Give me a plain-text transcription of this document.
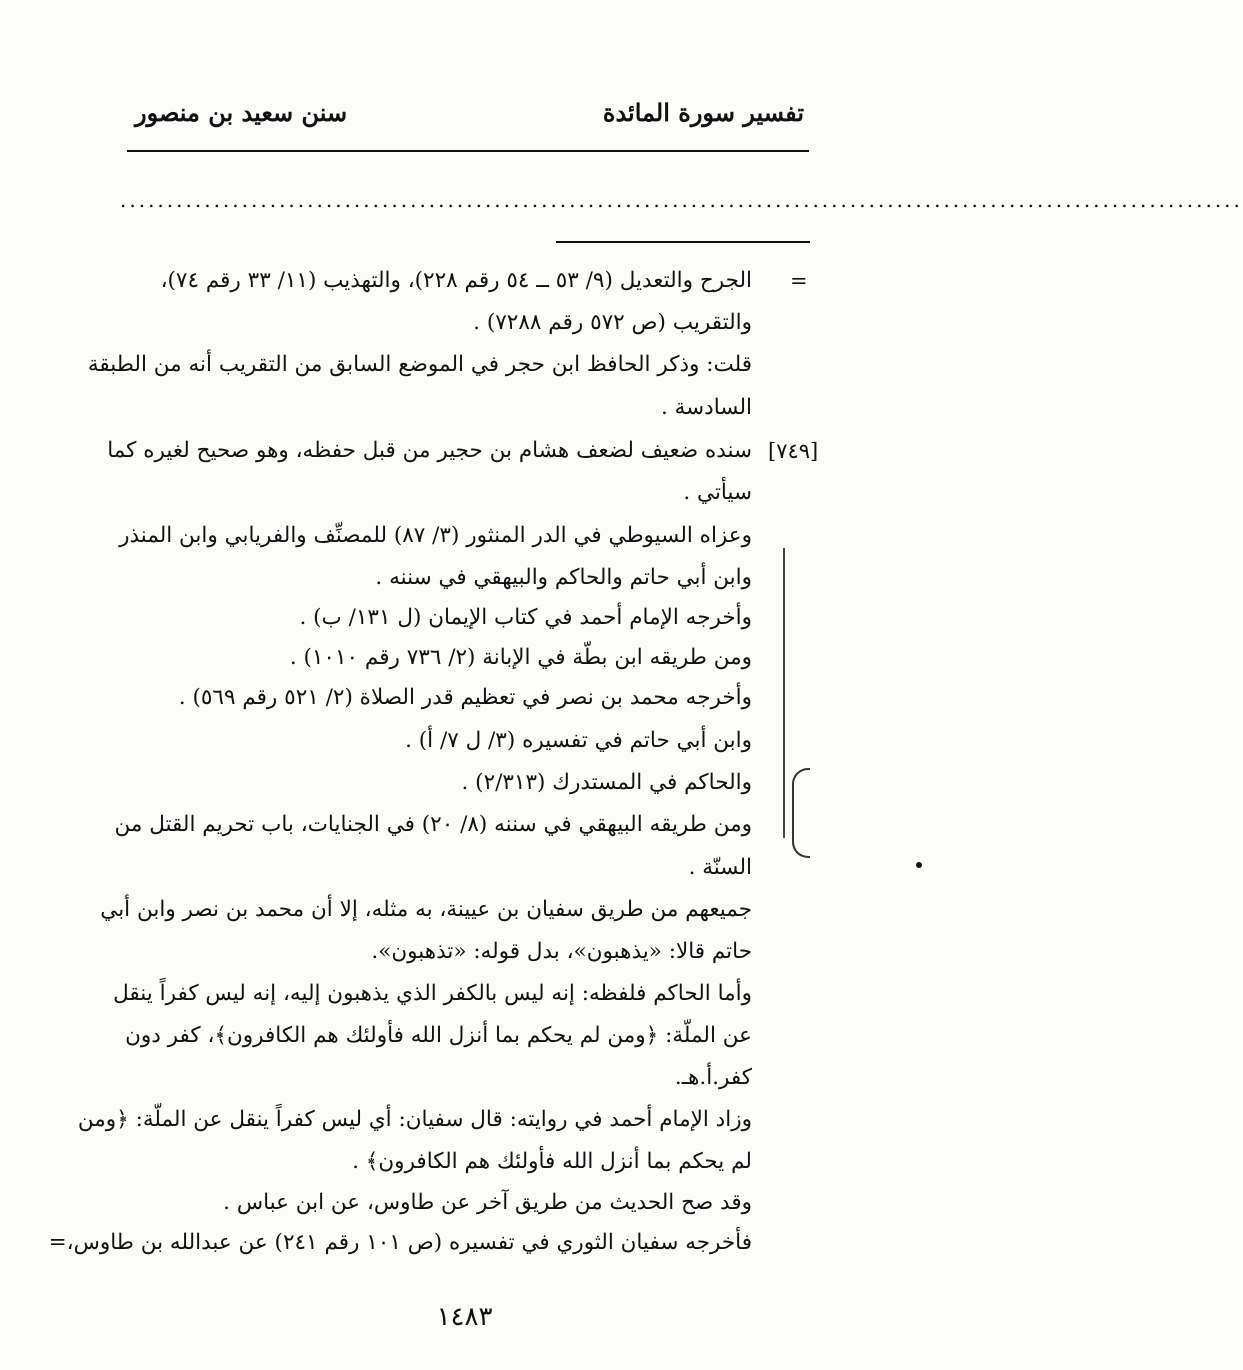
تفسير سورة المائدة
سنن سعيد بن منصور
........................................................................................................................
=
[٧٤٩]
الجرح والتعديل (٩/ ٥٣ ــ ٥٤ رقم ٢٢٨)، والتهذيب (١١/ ٣٣ رقم ٧٤)،
والتقريب (ص ٥٧٢ رقم ٧٢٨٨) .
قلت: وذكر الحافظ ابن حجر في الموضع السابق من التقريب أنه من الطبقة
السادسة .
سنده ضعيف لضعف هشام بن حجير من قبل حفظه، وهو صحيح لغيره كما
سيأتي .
وعزاه السيوطي في الدر المنثور (٣/ ٨٧) للمصنِّف والفريابي وابن المنذر
وابن أبي حاتم والحاكم والبيهقي في سننه .
وأخرجه الإمام أحمد في كتاب الإيمان (ل ١٣١/ ب) .
ومن طريقه ابن بطّة في الإبانة (٢/ ٧٣٦ رقم ١٠١٠) .
وأخرجه محمد بن نصر في تعظيم قدر الصلاة (٢/ ٥٢١ رقم ٥٦٩) .
وابن أبي حاتم في تفسيره (٣/ ل ٧/ أ) .
والحاكم في المستدرك (٢/٣١٣) .
ومن طريقه البيهقي في سننه (٨/ ٢٠) في الجنايات، باب تحريم القتل من
السنّة .
جميعهم من طريق سفيان بن عيينة، به مثله، إلا أن محمد بن نصر وابن أبي
حاتم قالا: «يذهبون»، بدل قوله: «تذهبون».
وأما الحاكم فلفظه: إنه ليس بالكفر الذي يذهبون إليه، إنه ليس كفراً ينقل
عن الملّة: ﴿ومن لم يحكم بما أنزل الله فأولئك هم الكافرون﴾، كفر دون
كفر.أ.هـ.
وزاد الإمام أحمد في روايته: قال سفيان: أي ليس كفراً ينقل عن الملّة: ﴿ومن
لم يحكم بما أنزل الله فأولئك هم الكافرون﴾ .
وقد صح الحديث من طريق آخر عن طاوس، عن ابن عباس .
فأخرجه سفيان الثوري في تفسيره (ص ١٠١ رقم ٢٤١) عن عبدالله بن طاوس،=
١٤٨٣
